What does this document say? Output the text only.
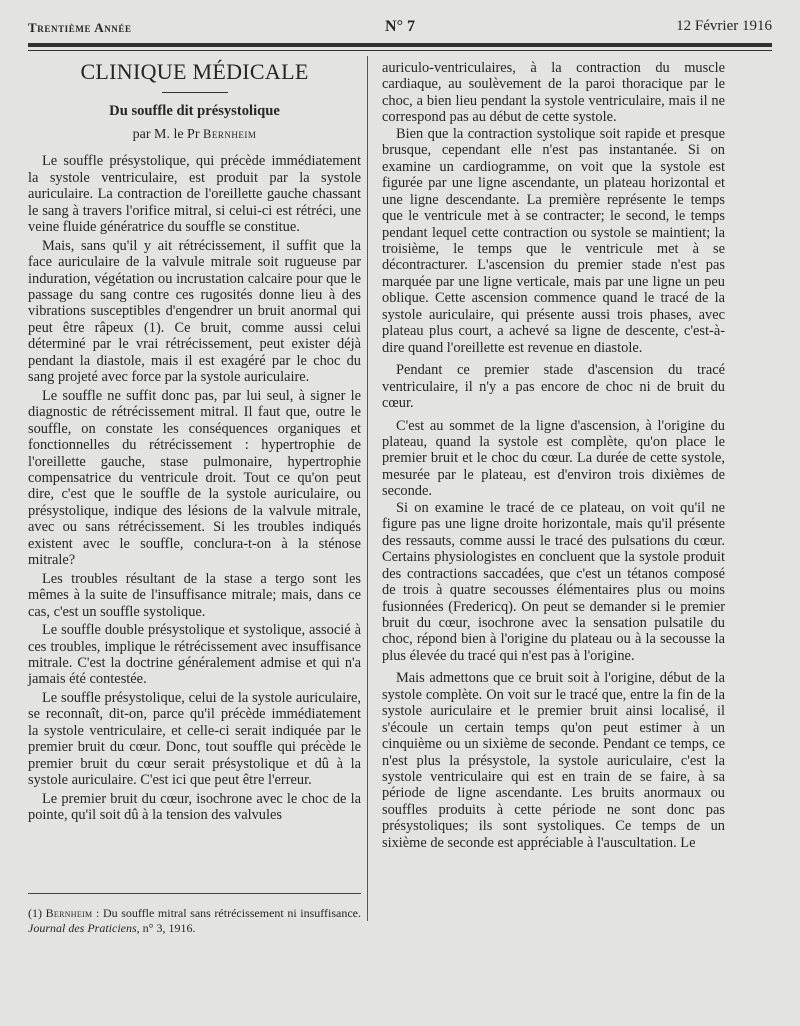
Trentième Année	N° 7	12 Février 1916
CLINIQUE MÉDICALE
Du souffle dit présystolique
par M. le Pr Bernheim

Le souffle présystolique, qui précède immédiatement la systole ventriculaire, est produit par la systole auriculaire. La contraction de l'oreillette gauche chassant le sang à travers l'orifice mitral, si celui-ci est rétréci, une veine fluide génératrice du souffle se constitue.

Mais, sans qu'il y ait rétrécissement, il suffit que la face auriculaire de la valvule mitrale soit rugueuse par induration, végétation ou incrustation calcaire pour que le passage du sang contre ces rugosités donne lieu à des vibrations susceptibles d'engendrer un bruit anormal qui peut être râpeux (1). Ce bruit, comme aussi celui déterminé par le vrai rétrécissement, peut exister déjà pendant la diastole, mais il est exagéré par le choc du sang projeté avec force par la systole auriculaire.

Le souffle ne suffit donc pas, par lui seul, à signer le diagnostic de rétrécissement mitral. Il faut que, outre le souffle, on constate les conséquences organiques et fonctionnelles du rétrécissement : hypertrophie de l'oreillette gauche, stase pulmonaire, hypertrophie compensatrice du ventricule droit. Tout ce qu'on peut dire, c'est que le souffle de la systole auriculaire, ou présystolique, indique des lésions de la valvule mitrale, avec ou sans rétrécissement. Si les troubles indiqués existent avec le souffle, conclura-t-on à la sténose mitrale?

Les troubles résultant de la stase a tergo sont les mêmes à la suite de l'insuffisance mitrale; mais, dans ce cas, c'est un souffle systolique.

Le souffle double présystolique et systolique, associé à ces troubles, implique le rétrécissement avec insuffisance mitrale. C'est la doctrine généralement admise et qui n'a jamais été contestée.

Le souffle présystolique, celui de la systole auriculaire, se reconnaît, dit-on, parce qu'il précède immédiatement la systole ventriculaire, et celle-ci serait indiquée par le premier bruit du cœur. Donc, tout souffle qui précède le premier bruit du cœur serait présystolique et dû à la systole auriculaire. C'est ici que peut être l'erreur.

Le premier bruit du cœur, isochrone avec le choc de la pointe, qu'il soit dû à la tension des valvules

(1) Bernheim : Du souffle mitral sans rétrécissement ni insuffisance. Journal des Praticiens, n° 3, 1916.

auriculo-ventriculaires, à la contraction du muscle cardiaque, au soulèvement de la paroi thoracique par le choc, a bien lieu pendant la systole ventriculaire, mais il ne correspond pas au début de cette systole.

Bien que la contraction systolique soit rapide et presque brusque, cependant elle n'est pas instantanée. Si on examine un cardiogramme, on voit que la systole est figurée par une ligne ascendante, un plateau horizontal et une ligne descendante. La première représente le temps que le ventricule met à se contracter; le second, le temps pendant lequel cette contraction ou systole se maintient; la troisième, le temps que le ventricule met à se décontracturer. L'ascension du premier stade n'est pas marquée par une ligne verticale, mais par une ligne un peu oblique. Cette ascension commence quand le tracé de la systole auriculaire, qui présente aussi trois phases, avec plateau plus court, a achevé sa ligne de descente, c'est-à-dire quand l'oreillette est revenue en diastole.

Pendant ce premier stade d'ascension du tracé ventriculaire, il n'y a pas encore de choc ni de bruit du cœur.

C'est au sommet de la ligne d'ascension, à l'origine du plateau, quand la systole est complète, qu'on place le premier bruit et le choc du cœur. La durée de cette systole, mesurée par le plateau, est d'environ trois dixièmes de seconde.

Si on examine le tracé de ce plateau, on voit qu'il ne figure pas une ligne droite horizontale, mais qu'il présente des ressauts, comme aussi le tracé des pulsations du cœur. Certains physiologistes en concluent que la systole produit des contractions saccadées, que c'est un tétanos composé de trois à quatre secousses élémentaires plus ou moins fusionnées (Fredericq). On peut se demander si le premier bruit du cœur, isochrone avec la sensation pulsatile du choc, répond bien à l'origine du plateau ou à la secousse la plus élevée du tracé qui n'est pas à l'origine.

Mais admettons que ce bruit soit à l'origine, début de la systole complète. On voit sur le tracé que, entre la fin de la systole auriculaire et le premier bruit ainsi localisé, il s'écoule un certain temps qu'on peut estimer à un cinquième ou un sixième de seconde. Pendant ce temps, ce n'est plus la présystole, la systole auriculaire, c'est la systole ventriculaire qui est en train de se faire, à sa période de ligne ascendante. Les bruits anormaux ou souffles produits à cette période ne sont donc pas présystoliques; ils sont systoliques. Ce temps de un sixième de seconde est appréciable à l'auscultation. Le
